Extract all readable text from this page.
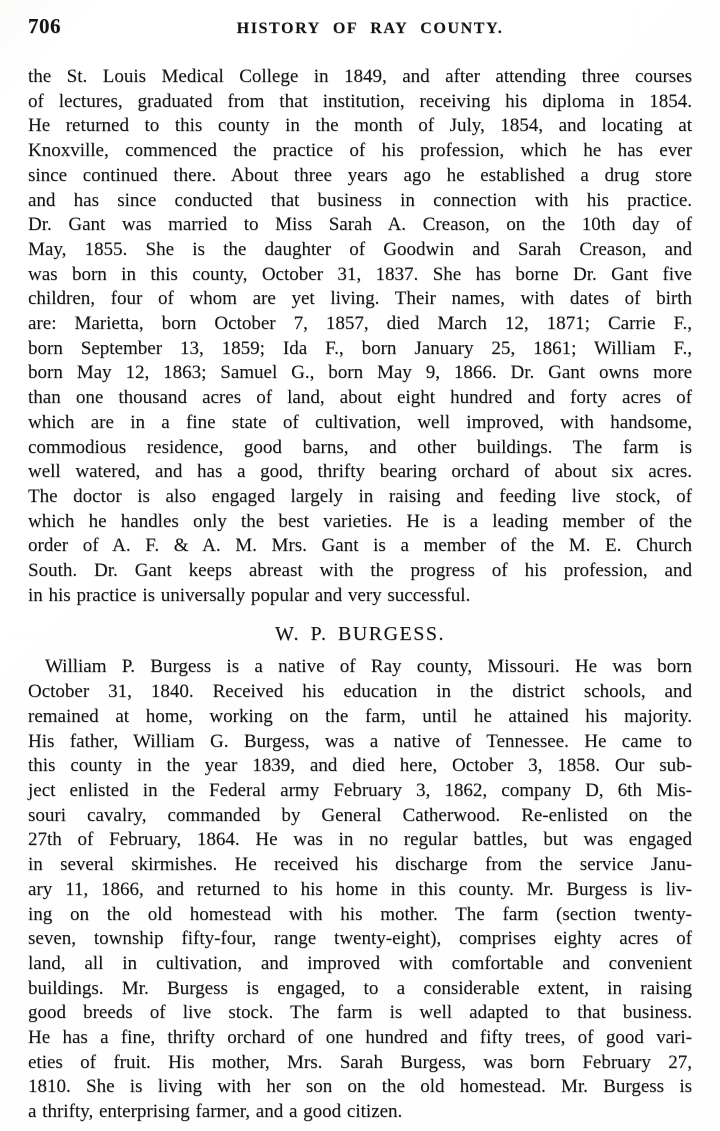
706	HISTORY OF RAY COUNTY.
the St. Louis Medical College in 1849, and after attending three courses
of lectures, graduated from that institution, receiving his diploma in 1854.
He returned to this county in the month of July, 1854, and locating at
Knoxville, commenced the practice of his profession, which he has ever
since continued there. About three years ago he established a drug store
and has since conducted that business in connection with his practice.
Dr. Gant was married to Miss Sarah A. Creason, on the 10th day of
May, 1855. She is the daughter of Goodwin and Sarah Creason, and
was born in this county, October 31, 1837. She has borne Dr. Gant five
children, four of whom are yet living. Their names, with dates of birth
are: Marietta, born October 7, 1857, died March 12, 1871; Carrie F.,
born September 13, 1859; Ida F., born January 25, 1861; William F.,
born May 12, 1863; Samuel G., born May 9, 1866. Dr. Gant owns more
than one thousand acres of land, about eight hundred and forty acres of
which are in a fine state of cultivation, well improved, with handsome,
commodious residence, good barns, and other buildings. The farm is
well watered, and has a good, thrifty bearing orchard of about six acres.
The doctor is also engaged largely in raising and feeding live stock, of
which he handles only the best varieties. He is a leading member of the
order of A. F. & A. M. Mrs. Gant is a member of the M. E. Church
South. Dr. Gant keeps abreast with the progress of his profession, and
in his practice is universally popular and very successful.
W. P. BURGESS.
William P. Burgess is a native of Ray county, Missouri. He was born
October 31, 1840. Received his education in the district schools, and
remained at home, working on the farm, until he attained his majority.
His father, William G. Burgess, was a native of Tennessee. He came to
this county in the year 1839, and died here, October 3, 1858. Our sub-
ject enlisted in the Federal army February 3, 1862, company D, 6th Mis-
souri cavalry, commanded by General Catherwood. Re-enlisted on the
27th of February, 1864. He was in no regular battles, but was engaged
in several skirmishes. He received his discharge from the service Janu-
ary 11, 1866, and returned to his home in this county. Mr. Burgess is liv-
ing on the old homestead with his mother. The farm (section twenty-
seven, township fifty-four, range twenty-eight), comprises eighty acres of
land, all in cultivation, and improved with comfortable and convenient
buildings. Mr. Burgess is engaged, to a considerable extent, in raising
good breeds of live stock. The farm is well adapted to that business.
He has a fine, thrifty orchard of one hundred and fifty trees, of good vari-
eties of fruit. His mother, Mrs. Sarah Burgess, was born February 27,
1810. She is living with her son on the old homestead. Mr. Burgess is
a thrifty, enterprising farmer, and a good citizen.
